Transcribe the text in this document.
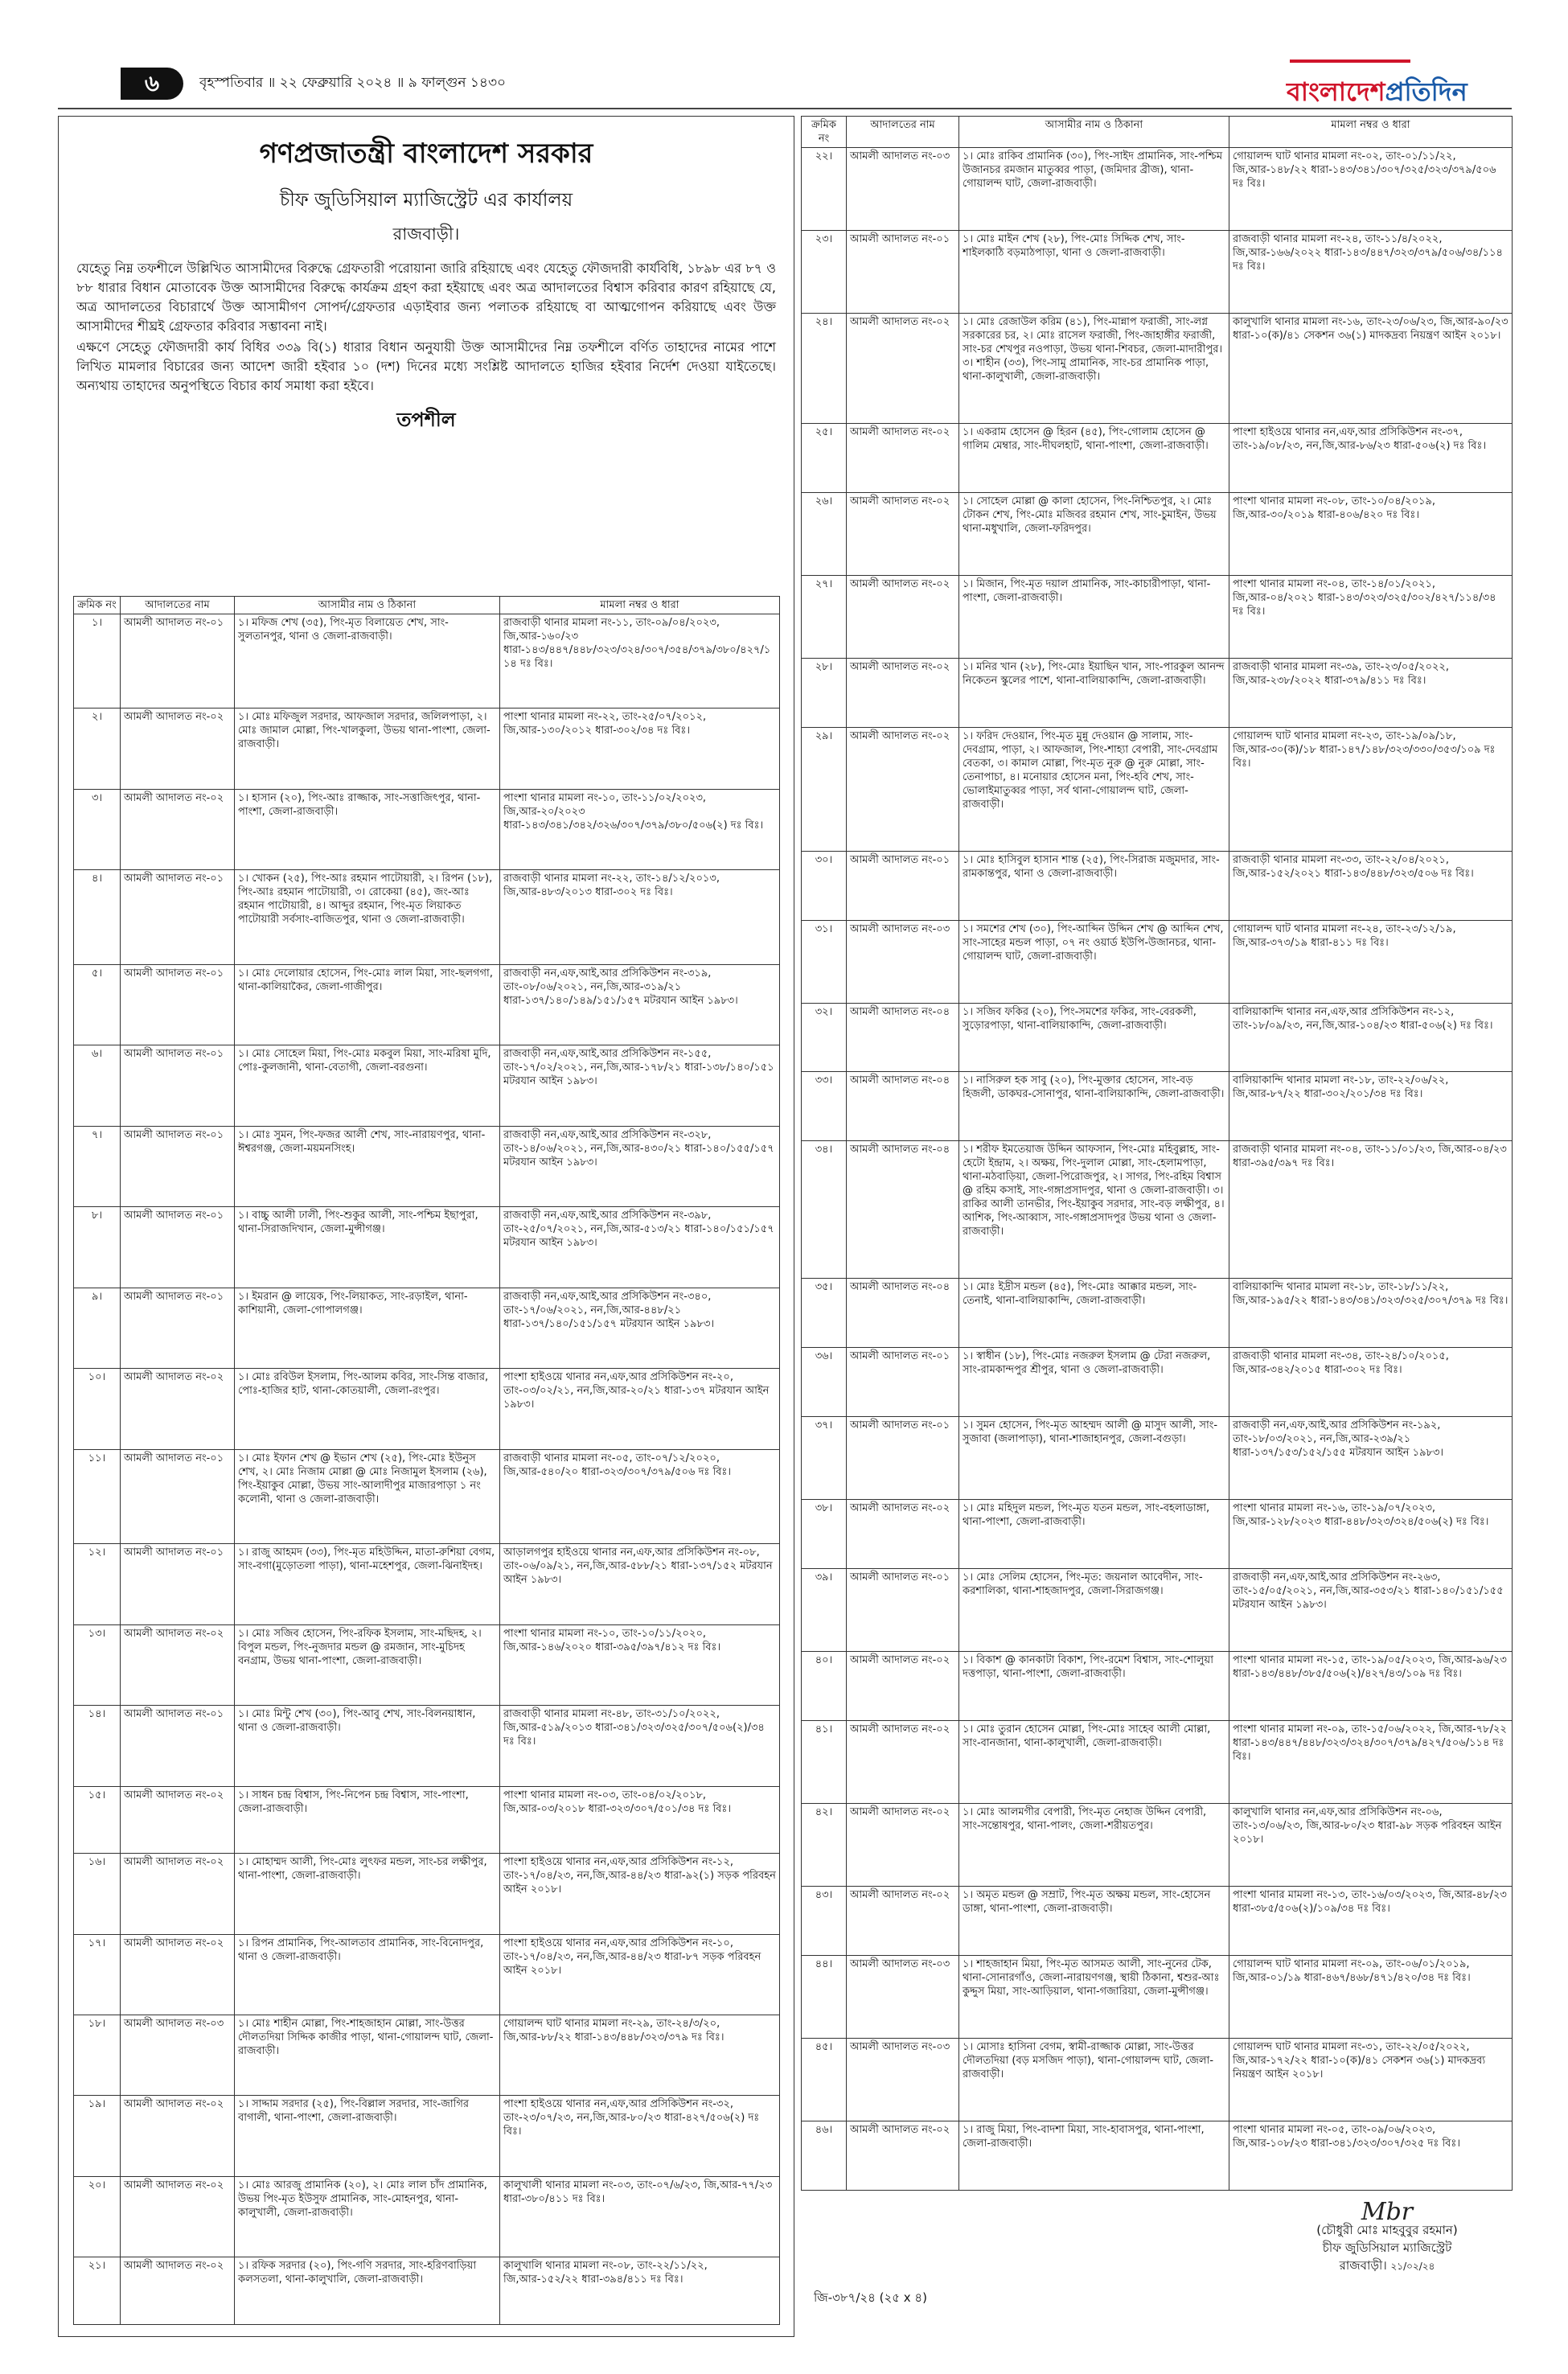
৬	বৃহস্পতিবার ॥ ২২ ফেব্রুয়ারি ২০২৪ ॥ ৯ ফাল্গুন ১৪৩০	বাংলাদেশপ্রতিদিন
গণপ্রজাতন্ত্রী বাংলাদেশ সরকার
চীফ জুডিসিয়াল ম্যাজিস্ট্রেট এর কার্যালয়
রাজবাড়ী।

যেহেতু নিম্ন তফশীলে উল্লিখিত আসামীদের বিরুদ্ধে গ্রেফতারী পরোয়ানা জারি রহিয়াছে এবং যেহেতু ফৌজদারী কার্যবিধি, ১৮৯৮ এর ৮৭ ও ৮৮ ধারার বিধান মোতাবেক উক্ত আসামীদের বিরুদ্ধে কার্যক্রম গ্রহণ করা হইয়াছে এবং অত্র আদালতের বিশ্বাস করিবার কারণ রহিয়াছে যে, অত্র আদালতের বিচারার্থে উক্ত আসামীগণ সোপর্দ/গ্রেফতার এড়াইবার জন্য পলাতক রহিয়াছে বা আত্মগোপন করিয়াছে এবং উক্ত আসামীদের শীঘ্রই গ্রেফতার করিবার সম্ভাবনা নাই।

এক্ষণে সেহেতু ফৌজদারী কার্য বিধির ৩৩৯ বি(১) ধারার বিধান অনুযায়ী উক্ত আসামীদের নিম্ন তফশীলে বর্ণিত তাহাদের নামের পাশে লিখিত মামলার বিচারের জন্য আদেশ জারী হইবার ১০ (দশ) দিনের মধ্যে সংশ্লিষ্ট আদালতে হাজির হইবার নির্দেশ দেওয়া যাইতেছে। অন্যথায় তাহাদের অনুপস্থিতে বিচার কার্য সমাধা করা হইবে।

তপশীল
ক্রমিক নং	আদালতের নাম	আসামীর নাম ও ঠিকানা	মামলা নম্বর ও ধারা
১।	আমলী আদালত নং-০১	১। মফিজ শেখ (৩৫), পিং-মৃত বিলায়েত শেখ, সাং-সুলতানপুর, থানা ও জেলা-রাজবাড়ী।	রাজবাড়ী থানার মামলা নং-১১, তাং-০৯/০৪/২০২৩, জি,আর-১৬০/২৩ ধারা-১৪৩/৪৪৭/৪৪৮/৩২৩/৩২৪/৩০৭/৩৫৪/৩৭৯/৩৮০/৪২৭/১১৪ দঃ বিঃ।
২।	আমলী আদালত নং-০২	১। মোঃ মফিজুল সরদার, আফজাল সরদার, জলিলপাড়া, ২। মোঃ জামাল মোল্লা, পিং-খালকুলা, উভয় থানা-পাংশা, জেলা-রাজবাড়ী।	পাংশা থানার মামলা নং-২২, তাং-২৫/০৭/২০১২, জি,আর-১৩০/২০১২ ধারা-৩০২/৩৪ দঃ বিঃ।
৩।	আমলী আদালত নং-০২	১। হাসান (২০), পিং-আঃ রাজ্জাক, সাং-সত্তাজিৎপুর, থানা-পাংশা, জেলা-রাজবাড়ী।	পাংশা থানার মামলা নং-১০, তাং-১১/০২/২০২৩, জি,আর-২০/২০২৩ ধারা-১৪৩/৩৪১/৩৪২/৩২৬/৩০৭/৩৭৯/৩৮০/৫০৬(২) দঃ বিঃ।
৪।	আমলী আদালত নং-০১	১। খোকন (২৫), পিং-আঃ রহমান পাটোয়ারী, ২। রিপন (১৮), পিং-আঃ রহমান পাটোয়ারী, ৩। রোকেয়া (৪৫), জং-আঃ রহমান পাটোয়ারী, ৪। আব্দুর রহমান, পিং-মৃত লিয়াকত পাটোয়ারী সর্বসাং-বাজিতপুর, থানা ও জেলা-রাজবাড়ী।	রাজবাড়ী থানার মামলা নং-২২, তাং-১৪/১২/২০১৩, জি,আর-৪৮৩/২০১৩ ধারা-৩০২ দঃ বিঃ।
৫।	আমলী আদালত নং-০১	১। মোঃ দেলোয়ার হোসেন, পিং-মোঃ লাল মিয়া, সাং-ছলগগা, থানা-কালিয়াকৈর, জেলা-গাজীপুর।	রাজবাড়ী নন,এফ,আই,আর প্রসিকিউশন নং-৩১৯, তাং-০৮/০৬/২০২১, নন,জি,আর-৩১৯/২১ ধারা-১৩৭/১৪০/১৪৯/১৫১/১৫৭ মটরযান আইন ১৯৮৩।
৬।	আমলী আদালত নং-০১	১। মোঃ সোহেল মিয়া, পিং-মোঃ মকবুল মিয়া, সাং-মরিষা মুদি, পোঃ-কুলজানী, থানা-বেতাগী, জেলা-বরগুনা।	রাজবাড়ী নন,এফ,আই,আর প্রসিকিউশন নং-১৫৫, তাং-১৭/০২/২০২১, নন,জি,আর-১৭৮/২১ ধারা-১৩৮/১৪০/১৫১ মটরযান আইন ১৯৮৩।
৭।	আমলী আদালত নং-০১	১। মোঃ সুমন, পিং-ফজর আলী শেখ, সাং-নারায়ণপুর, থানা-ঈশ্বরগঞ্জ, জেলা-ময়মনসিংহ।	রাজবাড়ী নন,এফ,আই,আর প্রসিকিউশন নং-৩২৮, তাং-১৪/০৬/২০২১, নন,জি,আর-৪৩০/২১ ধারা-১৪০/১৫৫/১৫৭ মটরযান আইন ১৯৮৩।
৮।	আমলী আদালত নং-০১	১। বাচ্চু আলী ঢালী, পিং-শুকুর আলী, সাং-পশ্চিম ইছাপুরা, থানা-সিরাজদিখান, জেলা-মুন্সীগঞ্জ।	রাজবাড়ী নন,এফ,আই,আর প্রসিকিউশন নং-৩৯৮, তাং-২৫/০৭/২০২১, নন,জি,আর-৫১৩/২১ ধারা-১৪০/১৫১/১৫৭ মটরযান আইন ১৯৮৩।
৯।	আমলী আদালত নং-০১	১। ইমরান @ লায়েক, পিং-লিয়াকত, সাং-রড়াইল, থানা-কাশিয়ানী, জেলা-গোপালগঞ্জ।	রাজবাড়ী নন,এফ,আই,আর প্রসিকিউশন নং-৩৪০, তাং-১৭/০৬/২০২১, নন,জি,আর-৪৪৮/২১ ধারা-১৩৭/১৪০/১৫১/১৫৭ মটরযান আইন ১৯৮৩।
১০।	আমলী আদালত নং-০২	১। মোঃ রবিউল ইসলাম, পিং-আলম কবির, সাং-সিন্ত বাজার, পোঃ-হাজির হাট, থানা-কোতয়ালী, জেলা-রংপুর।	পাংশা হাইওয়ে থানার নন,এফ,আর প্রসিকিউশন নং-২০, তাং-০৩/০২/২১, নন,জি,আর-২০/২১ ধারা-১৩৭ মটরযান আইন ১৯৮৩।
১১।	আমলী আদালত নং-০১	১। মোঃ ইফান শেখ @ ইভান শেখ (২৫), পিং-মোঃ ইউনুস শেখ, ২। মোঃ নিজাম মোল্লা @ মোঃ নিজামুল ইসলাম (২৬), পিং-ইয়াকুব মোল্লা, উভয় সাং-আলাদীপুর মাজারপাড়া ১ নং কলোনী, থানা ও জেলা-রাজবাড়ী।	রাজবাড়ী থানার মামলা নং-০৫, তাং-০৭/১২/২০২০, জি,আর-৫৪০/২০ ধারা-৩২৩/৩০৭/৩৭৯/৫০৬ দঃ বিঃ।
১২।	আমলী আদালত নং-০১	১। রাজু আহমদ (৩৩), পিং-মৃত মহিউদ্দিন, মাতা-রুশিয়া বেগম, সাং-বগা(মুড়োতলা পাড়া), থানা-মহেশপুর, জেলা-ঝিনাইদহ।	আড়ালগপুর হাইওয়ে থানার নন,এফ,আর প্রসিকিউশন নং-০৮, তাং-০৬/০৯/২১, নন,জি,আর-৫৮৮/২১ ধারা-১৩৭/১৫২ মটরযান আইন ১৯৮৩।
১৩।	আমলী আদালত নং-০২	১। মোঃ সজিব হোসেন, পিং-রফিক ইসলাম, সাং-মছিদহ, ২। বিপুল মন্ডল, পিং-নুজদার মন্ডল @ রমজান, সাং-মুচিদহ বনগ্রাম, উভয় থানা-পাংশা, জেলা-রাজবাড়ী।	পাংশা থানার মামলা নং-১০, তাং-১০/১১/২০২০, জি,আর-১৪৬/২০২০ ধারা-৩৯৫/৩৯৭/৪১২ দঃ বিঃ।
১৪।	আমলী আদালত নং-০১	১। মোঃ মিন্টু শেখ (৩০), পিং-আবু শেখ, সাং-বিলনয়াধান, থানা ও জেলা-রাজবাড়ী।	রাজবাড়ী থানার মামলা নং-৪৮, তাং-৩১/১০/২০২২, জি,আর-৫১৯/২০১৩ ধারা-৩৪১/৩২৩/৩২৫/৩০৭/৫০৬(২)/৩৪ দঃ বিঃ।
১৫।	আমলী আদালত নং-০২	১। সাধন চন্দ্র বিশ্বাস, পিং-নিপেন চন্দ্র বিশ্বাস, সাং-পাংশা, জেলা-রাজবাড়ী।	পাংশা থানার মামলা নং-০৩, তাং-০৪/০২/২০১৮, জি,আর-০৩/২০১৮ ধারা-৩২৩/৩০৭/৫০১/৩৪ দঃ বিঃ।
১৬।	আমলী আদালত নং-০২	১। মোহাম্মদ আলী, পিং-মোঃ লুৎফর মন্ডল, সাং-চর লক্ষীপুর, থানা-পাংশা, জেলা-রাজবাড়ী।	পাংশা হাইওয়ে থানার নন,এফ,আর প্রসিকিউশন নং-১২, তাং-১৭/০৪/২৩, নন,জি,আর-৪৪/২৩ ধারা-৯২(১) সড়ক পরিবহন আইন ২০১৮।
১৭।	আমলী আদালত নং-০২	১। রিপন প্রামানিক, পিং-আলতাব প্রামানিক, সাং-বিনোদপুর, থানা ও জেলা-রাজবাড়ী।	পাংশা হাইওয়ে থানার নন,এফ,আর প্রসিকিউশন নং-১০, তাং-১৭/০৪/২৩, নন,জি,আর-৪৪/২৩ ধারা-৮৭ সড়ক পরিবহন আইন ২০১৮।
১৮।	আমলী আদালত নং-০৩	১। মোঃ শাহীন মোল্লা, পিং-শাহজাহান মোল্লা, সাং-উত্তর দৌলতদিয়া সিদ্দিক কাজীর পাড়া, থানা-গোয়ালন্দ ঘাট, জেলা-রাজবাড়ী।	গোয়ালন্দ ঘাট থানার মামলা নং-২৯, তাং-২৪/৩/২০, জি,আর-৮৮/২২ ধারা-১৪৩/৪৪৮/৩২৩/৩৭৯ দঃ বিঃ।
১৯।	আমলী আদালত নং-০২	১। সাদ্দাম সরদার (২৫), পিং-বিল্লাল সরদার, সাং-জাগির বাগালী, থানা-পাংশা, জেলা-রাজবাড়ী।	পাংশা হাইওয়ে থানার নন,এফ,আর প্রসিকিউশন নং-৩২, তাং-২৩/০৭/২৩, নন,জি,আর-৮০/২৩ ধারা-৪২৭/৫০৬(২) দঃ বিঃ।
২০।	আমলী আদালত নং-০২	১। মোঃ আরজু প্রামানিক (২০), ২। মোঃ লাল চাঁদ প্রামানিক, উভয় পিং-মৃত ইউসুফ প্রামানিক, সাং-মোহনপুর, থানা-কালুখালী, জেলা-রাজবাড়ী।	কালুখালী থানার মামলা নং-০৩, তাং-০৭/৬/২৩, জি,আর-৭৭/২৩ ধারা-৩৮০/৪১১ দঃ বিঃ।
২১।	আমলী আদালত নং-০২	১। রফিক সরদার (২০), পিং-গণি সরদার, সাং-হরিণবাড়িয়া কলসতলা, থানা-কালুখালি, জেলা-রাজবাড়ী।	কালুখালি থানার মামলা নং-০৮, তাং-২২/১১/২২, জি,আর-১৫২/২২ ধারা-৩৯৪/৪১১ দঃ বিঃ।
ক্রমিক নং	আদালতের নাম	আসামীর নাম ও ঠিকানা	মামলা নম্বর ও ধারা
২২।	আমলী আদালত নং-০৩	১। মোঃ রাকিব প্রামানিক (৩০), পিং-সাইদ প্রামানিক, সাং-পশ্চিম উজানচর রমজান মাতুব্বর পাড়া, (জমিদার ব্রীজ), থানা-গোয়ালন্দ ঘাট, জেলা-রাজবাড়ী।	গোয়ালন্দ ঘাট থানার মামলা নং-০২, তাং-০১/১১/২২, জি,আর-১৪৮/২২ ধারা-১৪৩/৩৪১/৩০৭/৩২৫/৩২৩/৩৭৯/৫০৬ দঃ বিঃ।
২৩।	আমলী আদালত নং-০১	১। মোঃ মাইন শেখ (২৮), পিং-মোঃ সিদ্দিক শেখ, সাং-শাইলকাঠি বড়মাঠপাড়া, থানা ও জেলা-রাজবাড়ী।	রাজবাড়ী থানার মামলা নং-২৪, তাং-১১/৪/২০২২, জি,আর-১৬৬/২০২২ ধারা-১৪৩/৪৪৭/৩২৩/৩৭৯/৫০৬/৩৪/১১৪ দঃ বিঃ।
২৪।	আমলী আদালত নং-০২	১। মোঃ রেজাউল করিম (৪১), পিং-মান্নাপ ফরাজী, সাং-লগ্ন সরকারের চর, ২। মোঃ রাসেল ফরাজী, পিং-জাহাঙ্গীর ফরাজী, সাং-চর শেখপুর নওপাড়া, উভয় থানা-শিবচর, জেলা-মাদারীপুর। ৩। শাহীন (৩৩), পিং-সামু প্রামানিক, সাং-চর প্রামানিক পাড়া, থানা-কালুখালী, জেলা-রাজবাড়ী।	কালুখালি থানার মামলা নং-১৬, তাং-২৩/০৬/২৩, জি,আর-৯০/২৩ ধারা-১০(ক)/৪১ সেকশন ৩৬(১) মাদকদ্রব্য নিয়ন্ত্রণ আইন ২০১৮।
২৫।	আমলী আদালত নং-০২	১। একরাম হোসেন @ হিরন (৪৫), পিং-গোলাম হোসেন @ গালিম মেম্বার, সাং-দীঘলহাট, থানা-পাংশা, জেলা-রাজবাড়ী।	পাংশা হাইওয়ে থানার নন,এফ,আর প্রসিকিউশন নং-৩৭, তাং-১৯/০৮/২৩, নন,জি,আর-৮৬/২৩ ধারা-৫০৬(২) দঃ বিঃ।
২৬।	আমলী আদালত নং-০২	১। সোহেল মোল্লা @ কালা হোসেন, পিং-নিশ্চিতপুর, ২। মোঃ টোকন শেখ, পিং-মোঃ মজিবর রহমান শেখ, সাং-চুমাইন, উভয় থানা-মধুখালি, জেলা-ফরিদপুর।	পাংশা থানার মামলা নং-০৮, তাং-১০/০৪/২০১৯, জি,আর-৩০/২০১৯ ধারা-৪০৬/৪২০ দঃ বিঃ।
২৭।	আমলী আদালত নং-০২	১। মিজান, পিং-মৃত দয়াল প্রামানিক, সাং-কাচারীপাড়া, থানা-পাংশা, জেলা-রাজবাড়ী।	পাংশা থানার মামলা নং-০৪, তাং-১৪/০১/২০২১, জি,আর-০৪/২০২১ ধারা-১৪৩/৩২৩/৩২৫/৩০২/৪২৭/১১৪/৩৪ দঃ বিঃ।
২৮।	আমলী আদালত নং-০২	১। মনির খান (২৮), পিং-মোঃ ইয়াছিন খান, সাং-পারকুল আনন্দ নিকেতন স্কুলের পাশে, থানা-বালিয়াকান্দি, জেলা-রাজবাড়ী।	রাজবাড়ী থানার মামলা নং-৩৯, তাং-২৩/০৫/২০২২, জি,আর-২৩৮/২০২২ ধারা-৩৭৯/৪১১ দঃ বিঃ।
২৯।	আমলী আদালত নং-০২	১। ফরিদ দেওয়ান, পিং-মৃত মুন্নু দেওয়ান @ সালাম, সাং-দেবগ্রাম, পাড়া, ২। আফজাল, পিং-শাহ্যা বেপারী, সাং-দেবগ্রাম বেতকা, ৩। কামাল মোল্লা, পিং-মৃত নুরু @ নুরু মোল্লা, সাং-তেনাপাচা, ৪। মনোয়ার হোসেন মনা, পিং-হবি শেখ, সাং-ভোলাইমাতুব্বর পাড়া, সর্ব থানা-গোয়ালন্দ ঘাট, জেলা-রাজবাড়ী।	গোয়ালন্দ ঘাট থানার মামলা নং-২৩, তাং-১৯/০৯/১৮, জি,আর-৩০(ক)/১৮ ধারা-১৪৭/১৪৮/৩২৩/৩৩০/৩৫৩/১০৯ দঃ বিঃ।
৩০।	আমলী আদালত নং-০১	১। মোঃ হাসিবুল হাসান শান্ত (২৫), পিং-সিরাজ মজুমদার, সাং-রামকান্তপুর, থানা ও জেলা-রাজবাড়ী।	রাজবাড়ী থানার মামলা নং-৩৩, তাং-২২/০৪/২০২১, জি,আর-১৫২/২০২১ ধারা-১৪৩/৪৪৮/৩২৩/৫০৬ দঃ বিঃ।
৩১।	আমলী আদালত নং-০৩	১। সমশের শেখ (৩০), পিং-আব্দিন উদ্দিন শেখ @ আব্দিন শেখ, সাং-সাহের মন্ডল পাড়া, ০৭ নং ওয়ার্ড ইউপি-উজানচর, থানা-গোয়ালন্দ ঘাট, জেলা-রাজবাড়ী।	গোয়ালন্দ ঘাট থানার মামলা নং-২৪, তাং-২৩/১২/১৯, জি,আর-৩৭৩/১৯ ধারা-৪১১ দঃ বিঃ।
৩২।	আমলী আদালত নং-০৪	১। সজিব ফকির (২০), পিং-সমশের ফকির, সাং-বেরকলী, সুড়োরপাড়া, থানা-বালিয়াকান্দি, জেলা-রাজবাড়ী।	বালিয়াকান্দি থানার নন,এফ,আর প্রসিকিউশন নং-১২, তাং-১৮/০৯/২৩, নন,জি,আর-১০৪/২৩ ধারা-৫০৬(২) দঃ বিঃ।
৩৩।	আমলী আদালত নং-০৪	১। নাসিরুল হক সাবু (২০), পিং-মুক্তার হোসেন, সাং-বড় হিজলী, ডাকঘর-সোনাপুর, থানা-বালিয়াকান্দি, জেলা-রাজবাড়ী।	বালিয়াকান্দি থানার মামলা নং-১৮, তাং-২২/০৬/২২, জি,আর-৮৭/২২ ধারা-৩০২/২০১/৩৪ দঃ বিঃ।
৩৪।	আমলী আদালত নং-০৪	১। শরীফ ইমতেয়াজ উদ্দিন আফসান, পিং-মোঃ মহিবুল্লাহ, সাং-হেটো ইন্দ্রাম, ২। অক্ষয়, পিং-দুলাল মোল্লা, সাং-হেলামপাড়া, থানা-মঠবাড়িয়া, জেলা-পিরোজপুর, ২। সাগর, পিং-রহিম বিশ্বাস @ রহিম কসাই, সাং-গঙ্গাপ্রসাদপুর, থানা ও জেলা-রাজবাড়ী। ৩। রাকির আলী তানভীর, পিং-ইয়াকুব সরদার, সাং-বড় লক্ষীপুর, ৪। আশিক, পিং-আব্বাস, সাং-গঙ্গাপ্রসাদপুর উভয় থানা ও জেলা-রাজবাড়ী।	রাজবাড়ী থানার মামলা নং-০৪, তাং-১১/০১/২৩, জি,আর-০৪/২৩ ধারা-৩৯৫/৩৯৭ দঃ বিঃ।
৩৫।	আমলী আদালত নং-০৪	১। মোঃ ইদ্রীস মন্ডল (৪৫), পিং-মোঃ আক্কার মন্ডল, সাং-তেনাই, থানা-বালিয়াকান্দি, জেলা-রাজবাড়ী।	বালিয়াকান্দি থানার মামলা নং-১৮, তাং-১৮/১১/২২, জি,আর-১৯৫/২২ ধারা-১৪৩/৩৪১/৩২৩/৩২৫/৩০৭/৩৭৯ দঃ বিঃ।
৩৬।	আমলী আদালত নং-০১	১। স্বাধীন (১৮), পিং-মোঃ নজরুল ইসলাম @ টেরা নজরুল, সাং-রামকান্দপুর শ্রীপুর, থানা ও জেলা-রাজবাড়ী।	রাজবাড়ী থানার মামলা নং-৩৪, তাং-২৪/১০/২০১৫, জি,আর-৩৪২/২০১৫ ধারা-৩০২ দঃ বিঃ।
৩৭।	আমলী আদালত নং-০১	১। সুমন হোসেন, পিং-মৃত আহম্মদ আলী @ মাসুদ আলী, সাং-সুজাবা (জলাপাড়া), থানা-শাজাহানপুর, জেলা-বগুড়া।	রাজবাড়ী নন,এফ,আই,আর প্রসিকিউশন নং-১৯২, তাং-১৮/০৩/২০২১, নন,জি,আর-২৩৯/২১ ধারা-১৩৭/১৫৩/১৫২/১৫৫ মটরযান আইন ১৯৮৩।
৩৮।	আমলী আদালত নং-০২	১। মোঃ মহিদুল মন্ডল, পিং-মৃত যতন মন্ডল, সাং-বহলাডাঙ্গা, থানা-পাংশা, জেলা-রাজবাড়ী।	পাংশা থানার মামলা নং-১৬, তাং-১৯/০৭/২০২৩, জি,আর-১২৮/২০২৩ ধারা-৪৪৮/৩২৩/৩২৪/৫০৬(২) দঃ বিঃ।
৩৯।	আমলী আদালত নং-০১	১। মোঃ সেলিম হোসেন, পিং-মৃত: জয়নাল আবেদীন, সাং-করশালিকা, থানা-শাহজাদপুর, জেলা-সিরাজগঞ্জ।	রাজবাড়ী নন,এফ,আই,আর প্রসিকিউশন নং-২৬৩, তাং-১৫/০৫/২০২১, নন,জি,আর-৩৫৩/২১ ধারা-১৪০/১৫১/১৫৫ মটরযান আইন ১৯৮৩।
৪০।	আমলী আদালত নং-০২	১। বিকাশ @ কানকাটা বিকাশ, পিং-রমেশ বিশ্বাস, সাং-শোলুয়া দত্তপাড়া, থানা-পাংশা, জেলা-রাজবাড়ী।	পাংশা থানার মামলা নং-১৫, তাং-১৯/০৫/২০২৩, জি,আর-৯৬/২৩ ধারা-১৪৩/৪৪৮/৩৮৫/৫০৬(২)/৪২৭/৪৩/১০৯ দঃ বিঃ।
৪১।	আমলী আদালত নং-০২	১। মোঃ তুরান হোসেন মোল্লা, পিং-মোঃ সাহেব আলী মোল্লা, সাং-বানজানা, থানা-কালুখালী, জেলা-রাজবাড়ী।	পাংশা থানার মামলা নং-০৯, তাং-১৫/০৬/২০২২, জি,আর-৭৮/২২ ধারা-১৪৩/৪৪৭/৪৪৮/৩২৩/৩২৪/৩০৭/৩৭৯/৪২৭/৫০৬/১১৪ দঃ বিঃ।
৪২।	আমলী আদালত নং-০২	১। মোঃ আলমগীর বেপারী, পিং-মৃত নেহাজ উদ্দিন বেপারী, সাং-সন্তোষপুর, থানা-পালং, জেলা-শরীয়তপুর।	কালুখালি থানার নন,এফ,আর প্রসিকিউশন নং-০৬, তাং-১৩/০৬/২৩, জি,আর-৮০/২৩ ধারা-৯৮ সড়ক পরিবহন আইন ২০১৮।
৪৩।	আমলী আদালত নং-০২	১। অমৃত মন্ডল @ সম্রাট, পিং-মৃত অক্ষয় মন্ডল, সাং-হোসেন ডাঙ্গা, থানা-পাংশা, জেলা-রাজবাড়ী।	পাংশা থানার মামলা নং-১৩, তাং-১৬/০৩/২০২৩, জি,আর-৪৮/২৩ ধারা-৩৮৫/৫০৬(২)/১০৯/৩৪ দঃ বিঃ।
৪৪।	আমলী আদালত নং-০৩	১। শাহজাহান মিয়া, পিং-মৃত আসমত আলী, সাং-নুনের টেক, থানা-সোনারগাঁও, জেলা-নারায়ণগঞ্জ, স্থায়ী ঠিকানা, শ্বশুর-আঃ কুদ্দুস মিয়া, সাং-আড়িয়াল, থানা-গজারিয়া, জেলা-মুন্সীগঞ্জ।	গোয়ালন্দ ঘাট থানার মামলা নং-০৯, তাং-০৬/০১/২০১৯, জি,আর-০১/১৯ ধারা-৪৬৭/৪৬৮/৪৭১/৪২০/৩৪ দঃ বিঃ।
৪৫।	আমলী আদালত নং-০৩	১। মোসাঃ হাসিনা বেগম, স্বামী-রাজ্জাক মোল্লা, সাং-উত্তর দৌলতদিয়া (বড় মসজিদ পাড়া), থানা-গোয়ালন্দ ঘাট, জেলা-রাজবাড়ী।	গোয়ালন্দ ঘাট থানার মামলা নং-৩১, তাং-২২/০৫/২০২২, জি,আর-১৭২/২২ ধারা-১০(ক)/৪১ সেকশন ৩৬(১) মাদকদ্রব্য নিয়ন্ত্রণ আইন ২০১৮।
৪৬।	আমলী আদালত নং-০২	১। রাজু মিয়া, পিং-বাদশা মিয়া, সাং-হাবাসপুর, থানা-পাংশা, জেলা-রাজবাড়ী।	পাংশা থানার মামলা নং-০৫, তাং-০৯/০৬/২০২৩, জি,আর-১০৮/২৩ ধারা-৩৪১/৩২৩/৩০৭/৩২৫ দঃ বিঃ।
Mbr
(চৌধুরী মোঃ মাহবুবুর রহমান)
চীফ জুডিসিয়াল ম্যাজিস্ট্রেট
রাজবাড়ী। ২১/০২/২৪
জি-৩৮৭/২৪ (২৫ x ৪)
